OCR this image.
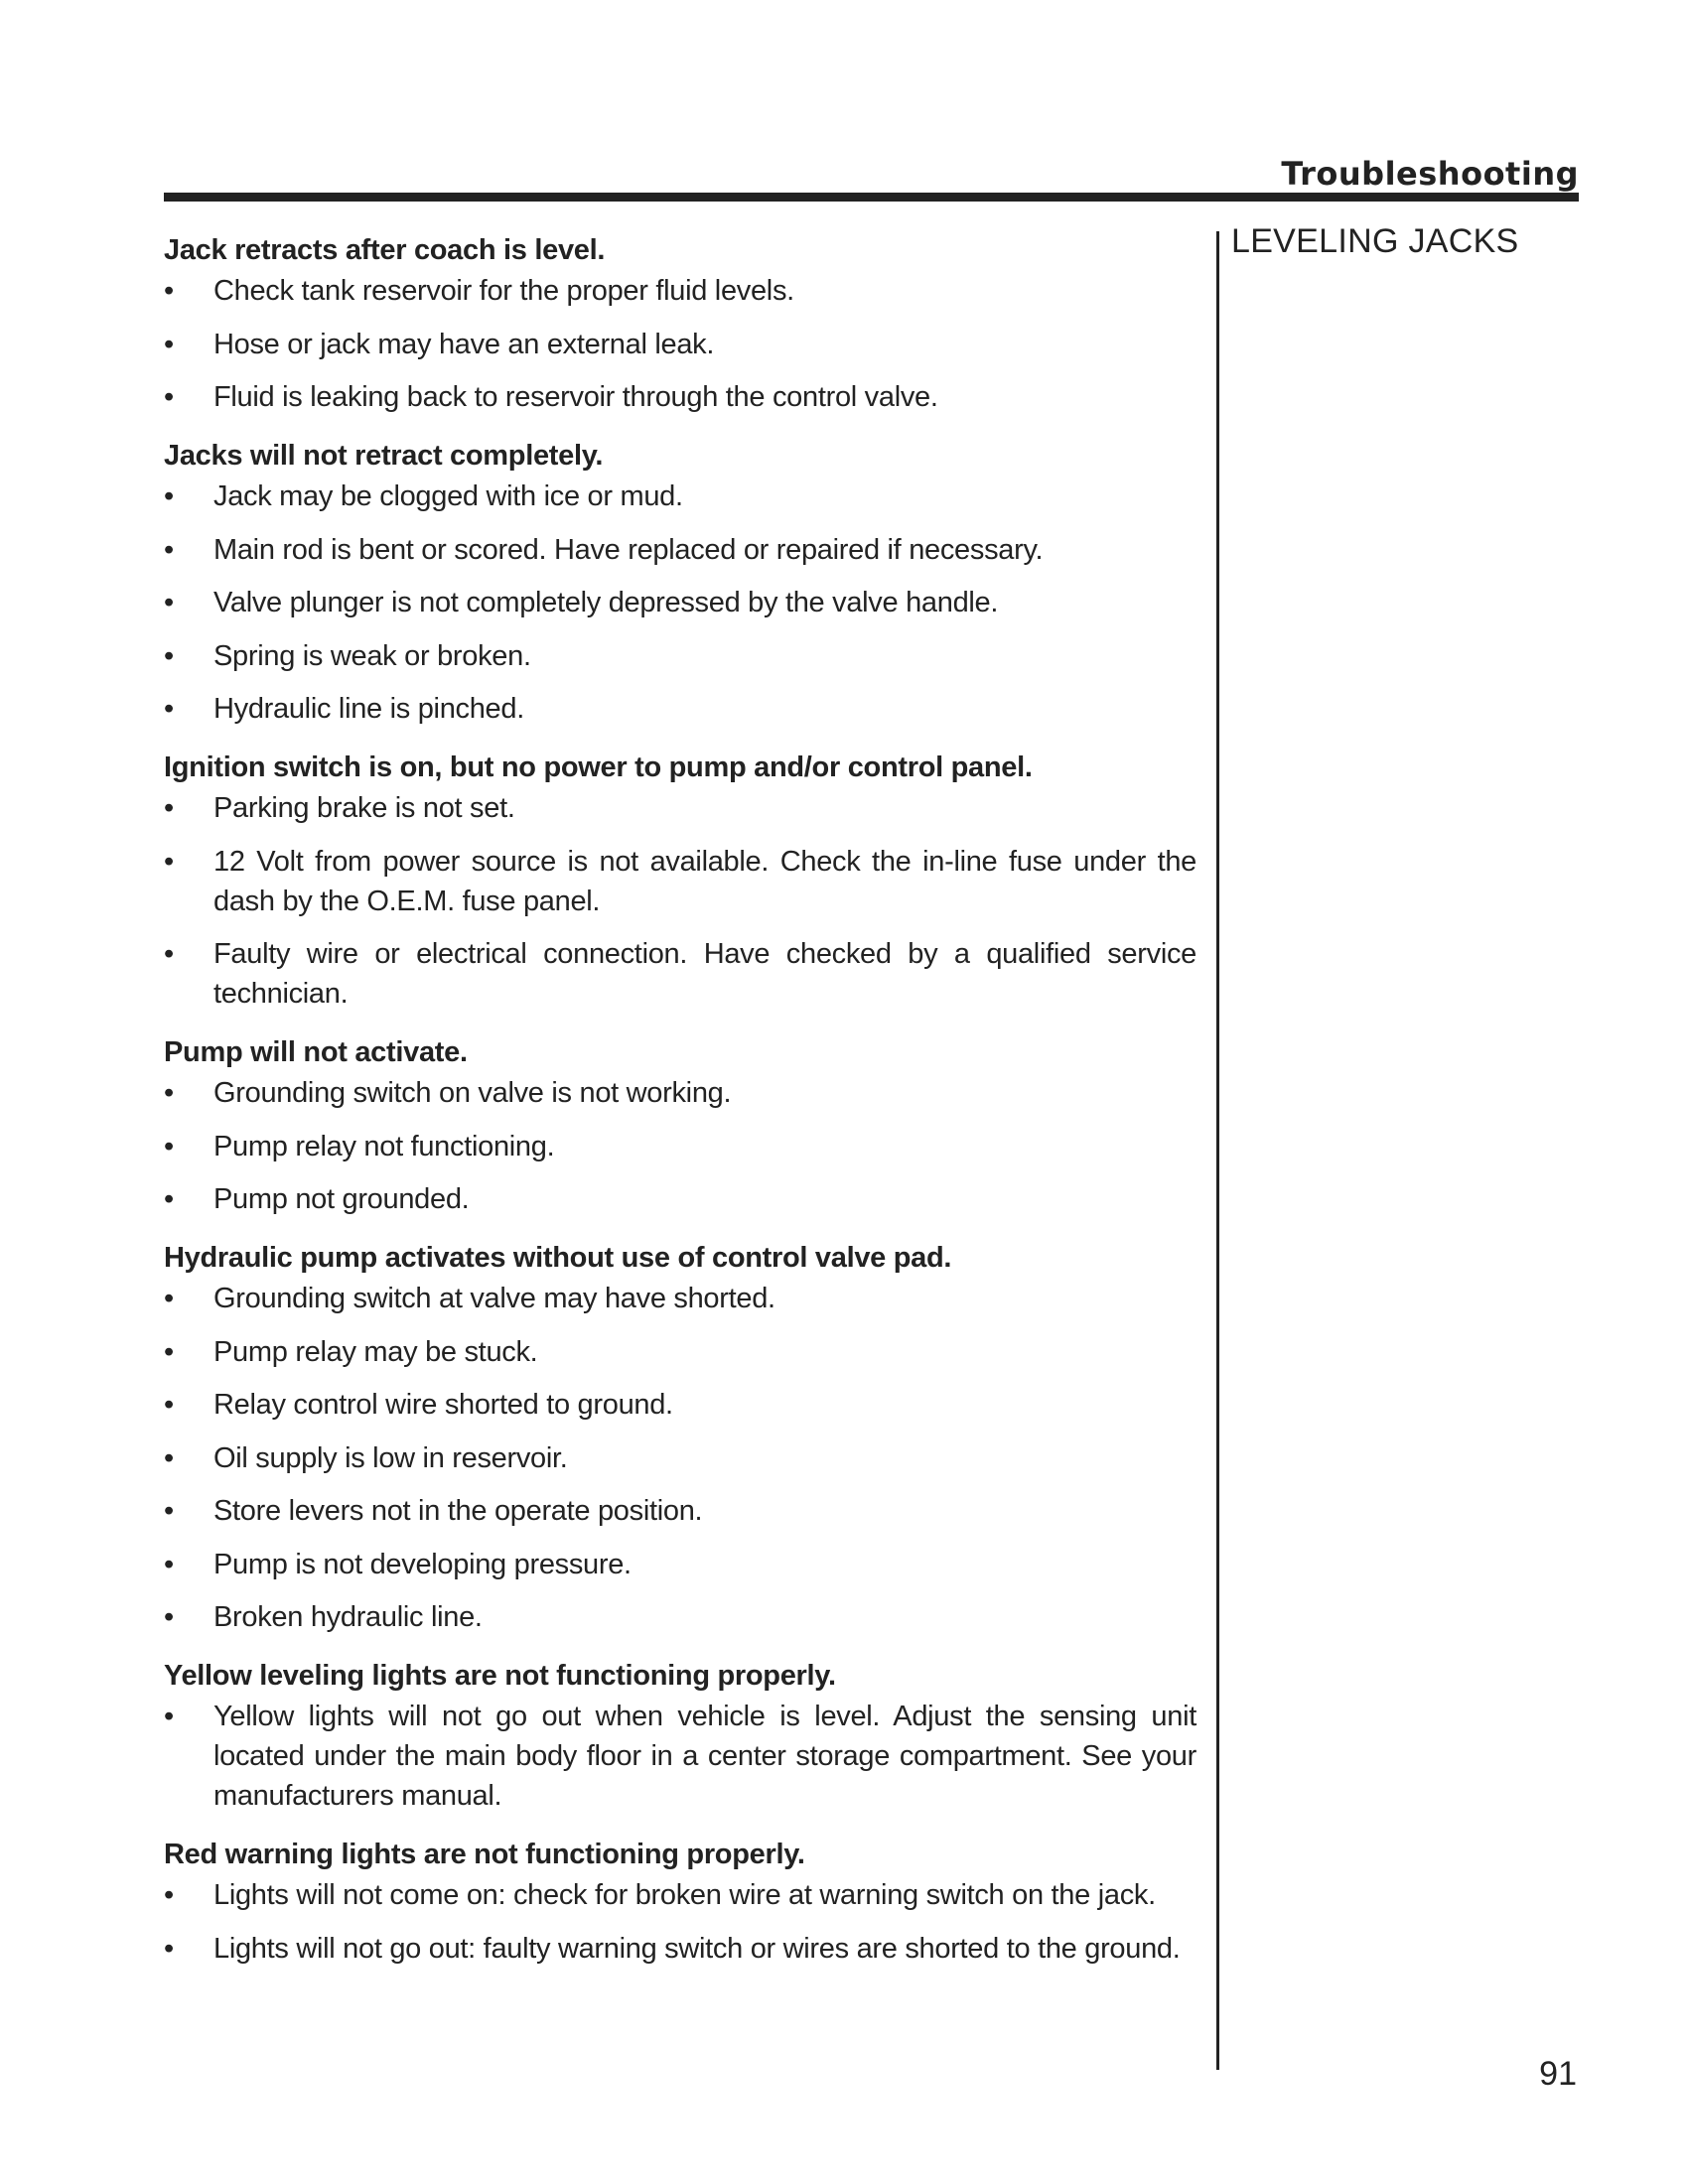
Troubleshooting
LEVELING JACKS
Jack retracts after coach is level.
•	Check tank reservoir for the proper fluid levels.
•	Hose or jack may have an external leak.
•	Fluid is leaking back to reservoir through the control valve.
Jacks will not retract completely.
•	Jack may be clogged with ice or mud.
•	Main rod is bent or scored. Have replaced or repaired if necessary.
•	Valve plunger is not completely depressed by the valve handle.
•	Spring is weak or broken.
•	Hydraulic line is pinched.
Ignition switch is on, but no power to pump and/or control panel.
•	Parking brake is not set.
•	12 Volt from power source is not available. Check the in-line fuse under the dash by the O.E.M. fuse panel.
•	Faulty wire or electrical connection. Have checked by a qualified service technician.
Pump will not activate.
•	Grounding switch on valve is not working.
•	Pump relay not functioning.
•	Pump not grounded.
Hydraulic pump activates without use of control valve pad.
•	Grounding switch at valve may have shorted.
•	Pump relay may be stuck.
•	Relay control wire shorted to ground.
•	Oil supply is low in reservoir.
•	Store levers not in the operate position.
•	Pump is not developing pressure.
•	Broken hydraulic line.
Yellow leveling lights are not functioning properly.
•	Yellow lights will not go out when vehicle is level. Adjust the sensing unit located under the main body floor in a center storage compartment. See your manufacturers manual.
Red warning lights are not functioning properly.
•	Lights will not come on: check for broken wire at warning switch on the jack.
•	Lights will not go out: faulty warning switch or wires are shorted to the ground.
91
